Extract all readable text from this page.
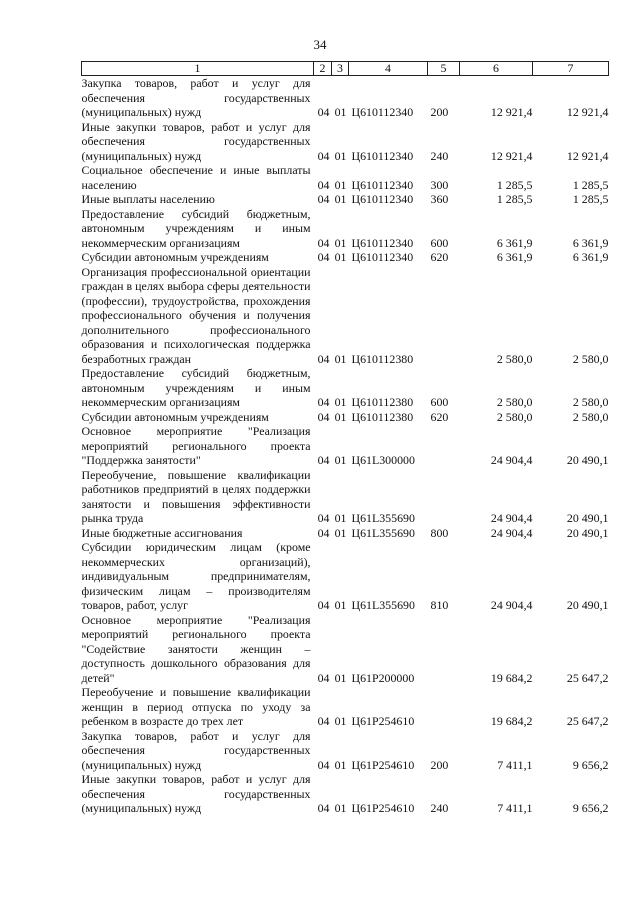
34
1	2	3	4	5	6	7
Закупка товаров, работ и услуг для обеспечения государственных (муниципальных) нужд	04	01	Ц610112340	200	12 921,4	12 921,4
Иные закупки товаров, работ и услуг для обеспечения государственных (муниципальных) нужд	04	01	Ц610112340	240	12 921,4	12 921,4
Социальное обеспечение и иные выплаты населению	04	01	Ц610112340	300	1 285,5	1 285,5
Иные выплаты населению	04	01	Ц610112340	360	1 285,5	1 285,5
Предоставление субсидий бюджетным, автономным учреждениям и иным некоммерческим организациям	04	01	Ц610112340	600	6 361,9	6 361,9
Субсидии автономным учреждениям	04	01	Ц610112340	620	6 361,9	6 361,9
Организация профессиональной ориентации граждан в целях выбора сферы деятельности (профессии), трудоустройства, прохождения профессионального обучения и получения дополнительного профессионального образования и психологическая поддержка безработных граждан	04	01	Ц610112380		2 580,0	2 580,0
Предоставление субсидий бюджетным, автономным учреждениям и иным некоммерческим организациям	04	01	Ц610112380	600	2 580,0	2 580,0
Субсидии автономным учреждениям	04	01	Ц610112380	620	2 580,0	2 580,0
Основное мероприятие "Реализация мероприятий регионального проекта "Поддержка занятости"	04	01	Ц61L300000		24 904,4	20 490,1
Переобучение, повышение квалификации работников предприятий в целях поддержки занятости и повышения эффективности рынка труда	04	01	Ц61L355690		24 904,4	20 490,1
Иные бюджетные ассигнования	04	01	Ц61L355690	800	24 904,4	20 490,1
Субсидии юридическим лицам (кроме некоммерческих организаций), индивидуальным предпринимателям, физическим лицам – производителям товаров, работ, услуг	04	01	Ц61L355690	810	24 904,4	20 490,1
Основное мероприятие "Реализация мероприятий регионального проекта "Содействие занятости женщин – доступность дошкольного образования для детей"	04	01	Ц61P200000		19 684,2	25 647,2
Переобучение и повышение квалификации женщин в период отпуска по уходу за ребенком в возрасте до трех лет	04	01	Ц61P254610		19 684,2	25 647,2
Закупка товаров, работ и услуг для обеспечения государственных (муниципальных) нужд	04	01	Ц61P254610	200	7 411,1	9 656,2
Иные закупки товаров, работ и услуг для обеспечения государственных (муниципальных) нужд	04	01	Ц61P254610	240	7 411,1	9 656,2
